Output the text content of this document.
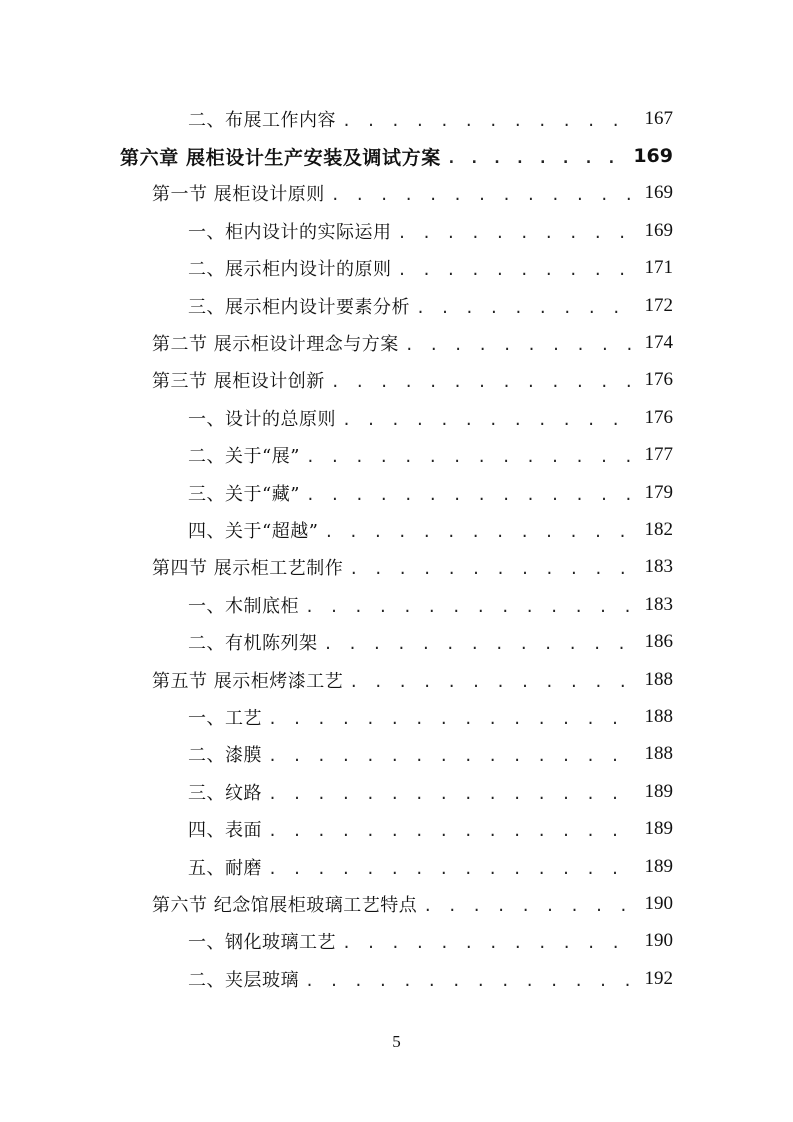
二、布展工作内容 . . .	167
第六章 展柜设计生产安装及调试方案 . . .	169
第一节 展柜设计原则 . . .	169
一、柜内设计的实际运用 . . .	169
二、展示柜内设计的原则 . . .	171
三、展示柜内设计要素分析 . . .	172
第二节 展示柜设计理念与方案 . . .	174
第三节 展柜设计创新 . . .	176
一、设计的总原则 . . .	176
二、关于“展” . . .	177
三、关于“藏” . . .	179
四、关于“超越” . . .	182
第四节 展示柜工艺制作 . . .	183
一、木制底柜 . . .	183
二、有机陈列架 . . .	186
第五节 展示柜烤漆工艺 . . .	188
一、工艺 . . .	188
二、漆膜 . . .	188
三、纹路 . . .	189
四、表面 . . .	189
五、耐磨 . . .	189
第六节 纪念馆展柜玻璃工艺特点 . . .	190
一、钢化玻璃工艺 . . .	190
二、夹层玻璃 . . .	192
5
